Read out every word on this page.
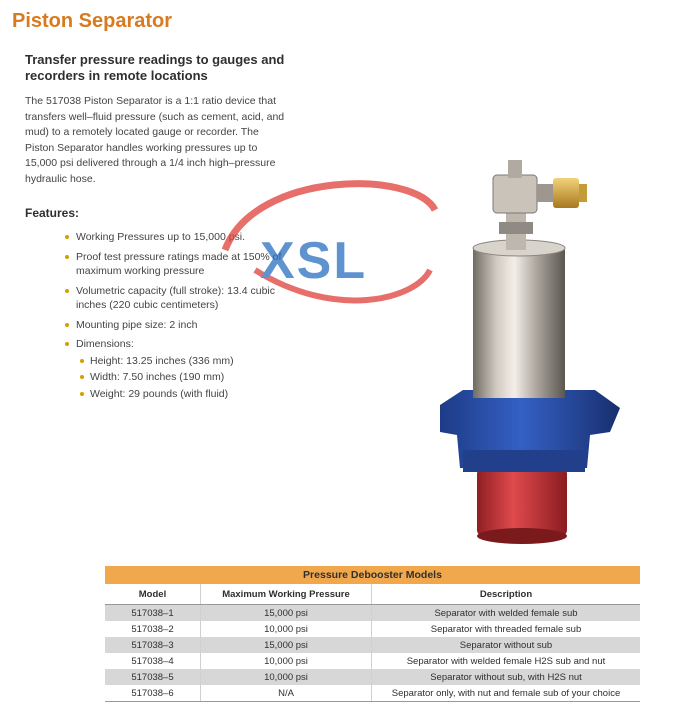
Piston Separator
Transfer pressure readings to gauges and recorders in remote locations
The 517038 Piston Separator is a 1:1 ratio device that transfers well–fluid pressure (such as cement, acid, and mud) to a remotely located gauge or recorder. The Piston Separator handles working pressures up to 15,000 psi delivered through a 1/4 inch high–pressure hydraulic hose.
Features:
Working Pressures up to 15,000 psi.
Proof test pressure ratings made at 150% of maximum working pressure
Volumetric capacity (full stroke): 13.4 cubic inches (220 cubic centimeters)
Mounting pipe size: 2 inch
Dimensions:
Height: 13.25 inches (336 mm)
Width: 7.50 inches (190 mm)
Weight: 29 pounds (with fluid)
XSL
Pressure Debooster Models		
Model	Maximum Working Pressure	Description
517038–1	15,000 psi	Separator with welded female sub
517038–2	10,000 psi	Separator with threaded female sub
517038–3	15,000 psi	Separator without sub
517038–4	10,000 psi	Separator with welded female H2S sub and nut
517038–5	10,000 psi	Separator without sub, with H2S nut
517038–6	N/A	Separator only, with nut and female sub of your choice
